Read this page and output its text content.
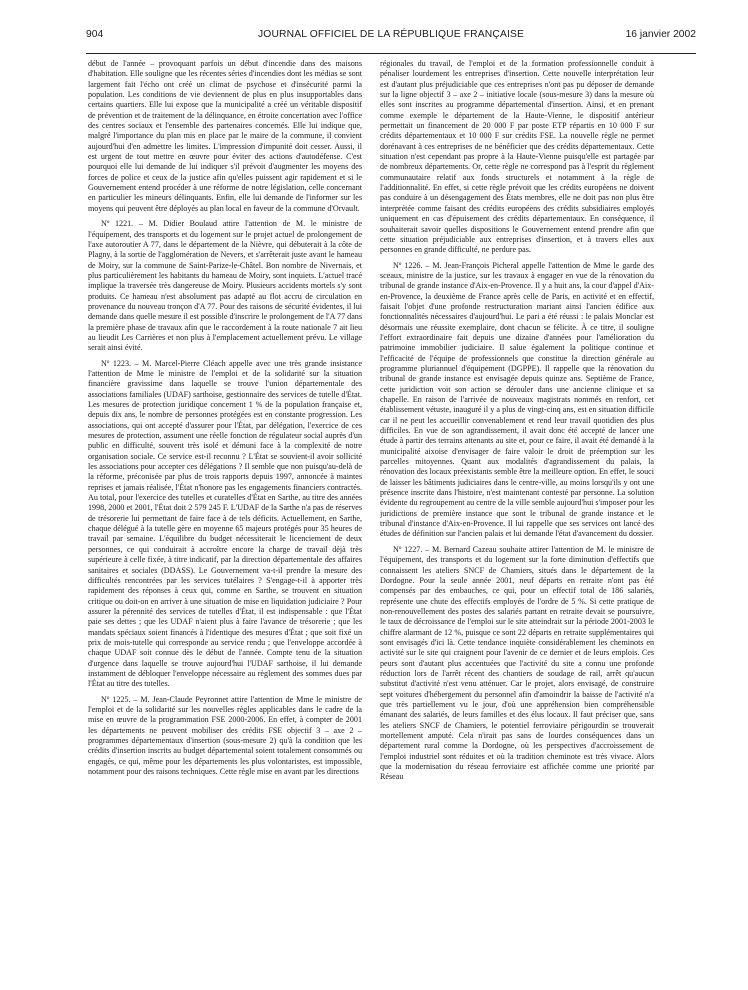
904	JOURNAL OFFICIEL DE LA RÉPUBLIQUE FRANÇAISE	16 janvier 2002

début de l'année – provoquant parfois un début d'incendie dans des maisons d'habitation. Elle souligne que les récentes séries d'incendies dont les médias se sont largement fait l'écho ont créé un climat de psychose et d'insécurité parmi la population. Les conditions de vie deviennent de plus en plus insupportables dans certains quartiers. Elle lui expose que la municipalité a créé un véritable dispositif de prévention et de traitement de la délinquance, en étroite concertation avec l'office des centres sociaux et l'ensemble des partenaires concernés. Elle lui indique que, malgré l'importance du plan mis en place par le maire de la commune, il convient aujourd'hui d'en admettre les limites. L'impression d'impunité doit cesser. Aussi, il est urgent de tout mettre en œuvre pour éviter des actions d'autodéfense. C'est pourquoi elle lui demande de lui indiquer s'il prévoit d'augmenter les moyens des forces de police et ceux de la justice afin qu'elles puissent agir rapidement et si le Gouvernement entend procéder à une réforme de notre législation, celle concernant en particulier les mineurs délinquants. Enfin, elle lui demande de l'informer sur les moyens qui peuvent être déployés au plan local en faveur de la commune d'Orvault.

Nº 1221. – M. Didier Boulaud attire l'attention de M. le ministre de l'équipement, des transports et du logement sur le projet actuel de prolongement de l'axe autoroutier A 77, dans le département de la Nièvre, qui débuterait à la côte de Plagny, à la sortie de l'agglomération de Nevers, et s'arrêterait juste avant le hameau de Moiry, sur la commune de Saint-Parize-le-Châtel. Bon nombre de Nivernais, et plus particulièrement les habitants du hameau de Moiry, sont inquiets. L'actuel tracé implique la traversée très dangereuse de Moiry. Plusieurs accidents mortels s'y sont produits. Ce hameau n'est absolument pas adapté au flot accru de circulation en provenance du nouveau tronçon d'A 77. Pour des raisons de sécurité évidentes, il lui demande dans quelle mesure il est possible d'inscrire le prolongement de l'A 77 dans la première phase de travaux afin que le raccordement à la route nationale 7 ait lieu au lieudit Les Carrières et non plus à l'emplacement actuellement prévu. Le village serait ainsi évité.

Nº 1223. – M. Marcel-Pierre Cléach appelle avec une très grande insistance l'attention de Mme le ministre de l'emploi et de la solidarité sur la situation financière gravissime dans laquelle se trouve l'union départementale des associations familiales (UDAF) sarthoise, gestionnaire des services de tutelle d'État. Les mesures de protection juridique concernent 1 % de la population française et, depuis dix ans, le nombre de personnes protégées est en constante progression. Les associations, qui ont accepté d'assurer pour l'État, par délégation, l'exercice de ces mesures de protection, assument une réelle fonction de régulateur social auprès d'un public en difficulté, souvent très isolé et démuni face à la complexité de notre organisation sociale. Ce service est-il reconnu ? L'État se souvient-il avoir sollicité les associations pour accepter ces délégations ? Il semble que non puisqu'au-delà de la réforme, préconisée par plus de trois rapports depuis 1997, annoncée à maintes reprises et jamais réalisée, l'État n'honore pas les engagements financiers contractés. Au total, pour l'exercice des tutelles et curatelles d'État en Sarthe, au titre des années 1998, 2000 et 2001, l'État doit 2 579 245 F. L'UDAF de la Sarthe n'a pas de réserves de trésorerie lui permettant de faire face à de tels déficits. Actuellement, en Sarthe, chaque délégué à la tutelle gère en moyenne 65 majeurs protégés pour 35 heures de travail par semaine. L'équilibre du budget nécessiterait le licenciement de deux personnes, ce qui conduirait à accroître encore la charge de travail déjà très supérieure à celle fixée, à titre indicatif, par la direction départementale des affaires sanitaires et sociales (DDASS). Le Gouvernement va-t-il prendre la mesure des difficultés rencontrées par les services tutélaires ? S'engage-t-il à apporter très rapidement des réponses à ceux qui, comme en Sarthe, se trouvent en situation critique ou doit-on en arriver à une situation de mise en liquidation judiciaire ? Pour assurer la pérennité des services de tutelles d'État, il est indispensable : que l'État paie ses dettes ; que les UDAF n'aient plus à faire l'avance de trésorerie ; que les mandats spéciaux soient financés à l'identique des mesures d'État ; que soit fixé un prix de mois-tutelle qui corresponde au service rendu ; que l'enveloppe accordée à chaque UDAF soit connue dès le début de l'année. Compte tenu de la situation d'urgence dans laquelle se trouve aujourd'hui l'UDAF sarthoise, il lui demande instamment de débloquer l'enveloppe nécessaire au règlement des sommes dues par l'État au titre des tutelles.

Nº 1225. – M. Jean-Claude Peyronnet attire l'attention de Mme le ministre de l'emploi et de la solidarité sur les nouvelles règles applicables dans le cadre de la mise en œuvre de la programmation FSE 2000-2006. En effet, à compter de 2001 les départements ne peuvent mobiliser des crédits FSE objectif 3 – axe 2 – programmes départementaux d'insertion (sous-mesure 2) qu'à la condition que les crédits d'insertion inscrits au budget départemental soient totalement consommés ou engagés, ce qui, même pour les départements les plus volontaristes, est impossible, notamment pour des raisons techniques. Cette règle mise en avant par les directions

régionales du travail, de l'emploi et de la formation professionnelle conduit à pénaliser lourdement les entreprises d'insertion. Cette nouvelle interprétation leur est d'autant plus préjudiciable que ces entreprises n'ont pas pu déposer de demande sur la ligne objectif 3 – axe 2 – initiative locale (sous-mesure 3) dans la mesure où elles sont inscrites au programme départemental d'insertion. Ainsi, et en prenant comme exemple le département de la Haute-Vienne, le dispositif antérieur permettait un financement de 20 000 F par poste ETP répartis en 10 000 F sur crédits départementaux et 10 000 F sur crédits FSE. La nouvelle règle ne permet dorénavant à ces entreprises de ne bénéficier que des crédits départementaux. Cette situation n'est cependant pas propre à la Haute-Vienne puisqu'elle est partagée par de nombreux départements. Or, cette règle ne correspond pas à l'esprit du règlement communautaire relatif aux fonds structurels et notamment à la règle de l'additionnalité. En effet, si cette règle prévoit que les crédits européens ne doivent pas conduire à un désengagement des États membres, elle ne doit pas non plus être interprétée comme faisant des crédits européens des crédits subsidiaires employés uniquement en cas d'épuisement des crédits départementaux. En conséquence, il souhaiterait savoir quelles dispositions le Gouvernement entend prendre afin que cette situation préjudiciable aux entreprises d'insertion, et à travers elles aux personnes en grande difficulté, ne perdure pas.

Nº 1226. – M. Jean-François Picheral appelle l'attention de Mme le garde des sceaux, ministre de la justice, sur les travaux à engager en vue de la rénovation du tribunal de grande instance d'Aix-en-Provence. Il y a huit ans, la cour d'appel d'Aix-en-Provence, la deuxième de France après celle de Paris, en activité et en effectif, faisait l'objet d'une profonde restructuration mariant ainsi l'ancien édifice aux fonctionnalités nécessaires d'aujourd'hui. Le pari a été réussi : le palais Monclar est désormais une réussite exemplaire, dont chacun se félicite. À ce titre, il souligne l'effort extraordinaire fait depuis une dizaine d'années pour l'amélioration du patrimoine immobilier judiciaire. Il salue également la politique continue et l'efficacité de l'équipe de professionnels que constitue la direction générale au programme pluriannuel d'équipement (DGPPE). Il rappelle que la rénovation du tribunal de grande instance est envisagée depuis quinze ans. Septième de France, cette juridiction voit son action se dérouler dans une ancienne clinique et sa chapelle. En raison de l'arrivée de nouveaux magistrats nommés en renfort, cet établissement vétuste, inauguré il y a plus de vingt-cinq ans, est en situation difficile car il ne peut les accueillir convenablement et rend leur travail quotidien des plus difficiles. En vue de son agrandissement, il avait donc été accepté de lancer une étude à partir des terrains attenants au site et, pour ce faire, il avait été demandé à la municipalité aixoise d'envisager de faire valoir le droit de préemption sur les parcelles mitoyennes. Quant aux modalités d'agrandissement du palais, la rénovation des locaux préexistants semble être la meilleure option. En effet, le souci de laisser les bâtiments judiciaires dans le centre-ville, au moins lorsqu'ils y ont une présence inscrite dans l'histoire, n'est maintenant contesté par personne. La solution évidente du regroupement au centre de la ville semble aujourd'hui s'imposer pour les juridictions de première instance que sont le tribunal de grande instance et le tribunal d'instance d'Aix-en-Provence. Il lui rappelle que ses services ont lancé des études de définition sur l'ancien palais et lui demande l'état d'avancement du dossier.

Nº 1227. – M. Bernard Cazeau souhaite attirer l'attention de M. le ministre de l'équipement, des transports et du logement sur la forte diminution d'effectifs que connaissent les ateliers SNCF de Chamiers, situés dans le département de la Dordogne. Pour la seule année 2001, neuf départs en retraite n'ont pas été compensés par des embauches, ce qui, pour un effectif total de 186 salariés, représente une chute des effectifs employés de l'ordre de 5 %. Si cette pratique de non-renouvellement des postes des salariés partant en retraite devait se poursuivre, le taux de décroissance de l'emploi sur le site atteindrait sur la période 2001-2003 le chiffre alarmant de 12 %, puisque ce sont 22 départs en retraite supplémentaires qui sont envisagés d'ici là. Cette tendance inquiète considérablement les cheminots en activité sur le site qui craignent pour l'avenir de ce dernier et de leurs emplois. Ces peurs sont d'autant plus accentuées que l'activité du site a connu une profonde réduction lors de l'arrêt récent des chantiers de soudage de rail, arrêt qu'aucun substitut d'activité n'est venu atténuer. Car le projet, alors envisagé, de construire sept voitures d'hébergement du personnel afin d'amoindrir la baisse de l'activité n'a que très partiellement vu le jour, d'où une appréhension bien compréhensible émanant des salariés, de leurs familles et des élus locaux. Il faut préciser que, sans les ateliers SNCF de Chamiers, le potentiel ferroviaire périgourdin se trouverait mortellement amputé. Cela n'irait pas sans de lourdes conséquences dans un département rural comme la Dordogne, où les perspectives d'accroissement de l'emploi industriel sont réduites et où la tradition cheminote est très vivace. Alors que la modernisation du réseau ferroviaire est affichée comme une priorité par Réseau
